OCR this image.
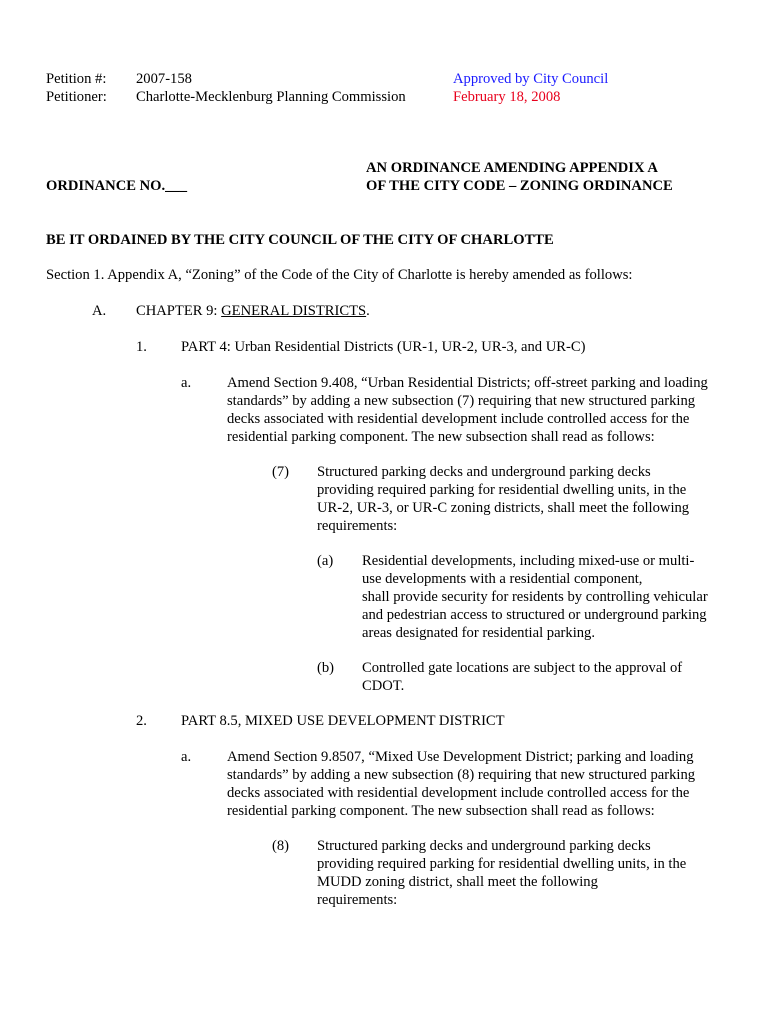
Petition #: 2007-158
Petitioner: Charlotte-Mecklenburg Planning Commission
Approved by City Council
February 18, 2008
ORDINANCE NO.___
AN ORDINANCE AMENDING APPENDIX A
OF THE CITY CODE – ZONING ORDINANCE
BE IT ORDAINED BY THE CITY COUNCIL OF THE CITY OF CHARLOTTE
Section 1. Appendix A, “Zoning” of the Code of the City of Charlotte is hereby amended as follows:
A. CHAPTER 9: GENERAL DISTRICTS.
1. PART 4: Urban Residential Districts (UR-1, UR-2, UR-3, and UR-C)
a. Amend Section 9.408, “Urban Residential Districts; off-street parking and loading
standards” by adding a new subsection (7) requiring that new structured parking
decks associated with residential development include controlled access for the
residential parking component. The new subsection shall read as follows:
(7) Structured parking decks and underground parking decks
providing required parking for residential dwelling units, in the
UR-2, UR-3, or UR-C zoning districts, shall meet the following
requirements:
(a) Residential developments, including mixed-use or multi-
use developments with a residential component,
shall provide security for residents by controlling vehicular
and pedestrian access to structured or underground parking
areas designated for residential parking.
(b) Controlled gate locations are subject to the approval of
CDOT.
2. PART 8.5, MIXED USE DEVELOPMENT DISTRICT
a. Amend Section 9.8507, “Mixed Use Development District; parking and loading
standards” by adding a new subsection (8) requiring that new structured parking
decks associated with residential development include controlled access for the
residential parking component. The new subsection shall read as follows:
(8) Structured parking decks and underground parking decks
providing required parking for residential dwelling units, in the
MUDD zoning district, shall meet the following
requirements:
